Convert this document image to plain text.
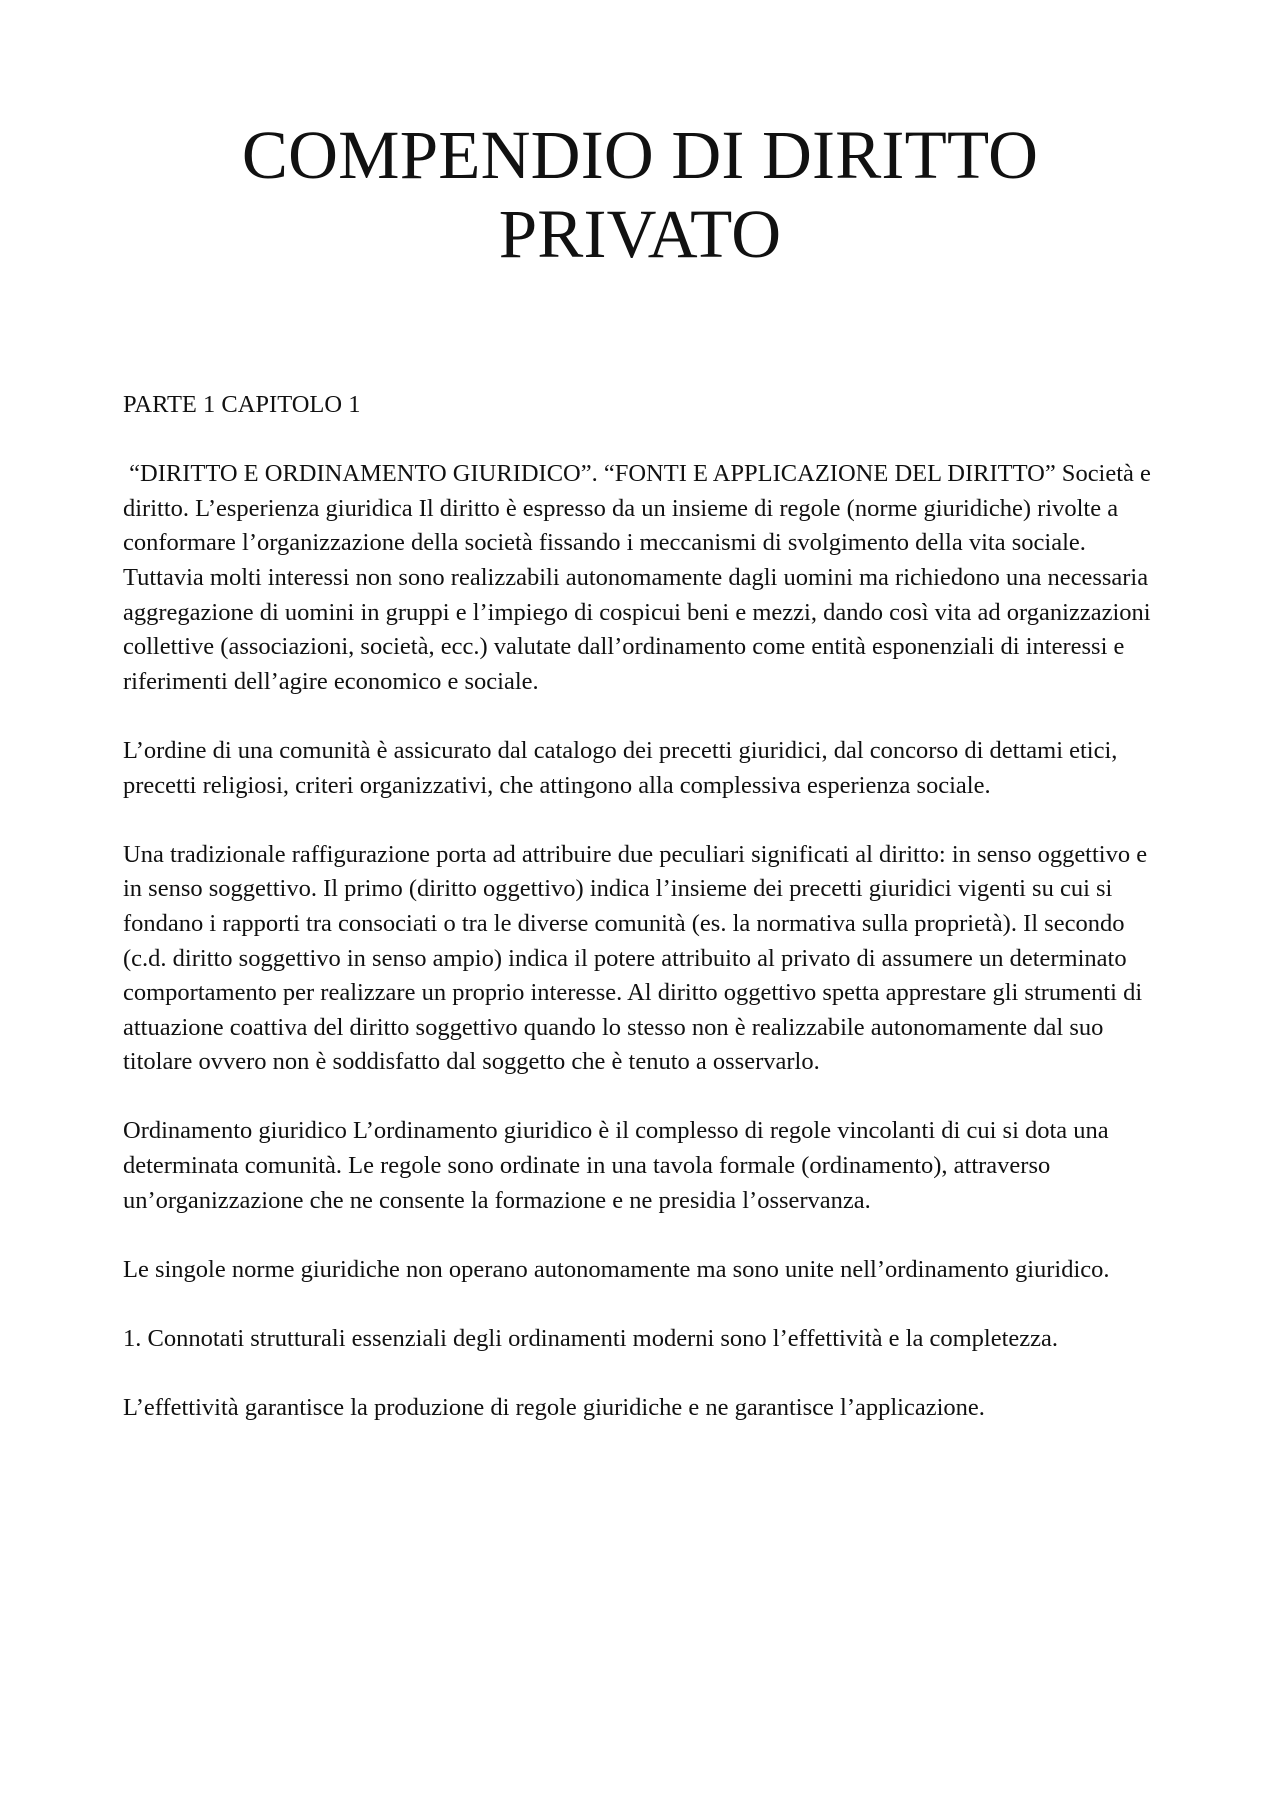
COMPENDIO DI DIRITTO
PRIVATO

PARTE 1 CAPITOLO 1

“DIRITTO E ORDINAMENTO GIURIDICO”. “FONTI E APPLICAZIONE DEL DIRITTO” Società e diritto. L’esperienza giuridica Il diritto è espresso da un insieme di regole (norme giuridiche) rivolte a conformare l’organizzazione della società fissando i meccanismi di svolgimento della vita sociale. Tuttavia molti interessi non sono realizzabili autonomamente dagli uomini ma richiedono una necessaria aggregazione di uomini in gruppi e l’impiego di cospicui beni e mezzi, dando così vita ad organizzazioni collettive (associazioni, società, ecc.) valutate dall’ordinamento come entità esponenziali di interessi e riferimenti dell’agire economico e sociale.

L’ordine di una comunità è assicurato dal catalogo dei precetti giuridici, dal concorso di dettami etici, precetti religiosi, criteri organizzativi, che attingono alla complessiva esperienza sociale.

Una tradizionale raffigurazione porta ad attribuire due peculiari significati al diritto: in senso oggettivo e in senso soggettivo. Il primo (diritto oggettivo) indica l’insieme dei precetti giuridici vigenti su cui si fondano i rapporti tra consociati o tra le diverse comunità (es. la normativa sulla proprietà). Il secondo (c.d. diritto soggettivo in senso ampio) indica il potere attribuito al privato di assumere un determinato comportamento per realizzare un proprio interesse. Al diritto oggettivo spetta apprestare gli strumenti di attuazione coattiva del diritto soggettivo quando lo stesso non è realizzabile autonomamente dal suo titolare ovvero non è soddisfatto dal soggetto che è tenuto a osservarlo.

Ordinamento giuridico L’ordinamento giuridico è il complesso di regole vincolanti di cui si dota una determinata comunità. Le regole sono ordinate in una tavola formale (ordinamento), attraverso un’organizzazione che ne consente la formazione e ne presidia l’osservanza.

Le singole norme giuridiche non operano autonomamente ma sono unite nell’ordinamento giuridico.

1. Connotati strutturali essenziali degli ordinamenti moderni sono l’effettività e la completezza.

L’effettività garantisce la produzione di regole giuridiche e ne garantisce l’applicazione.
